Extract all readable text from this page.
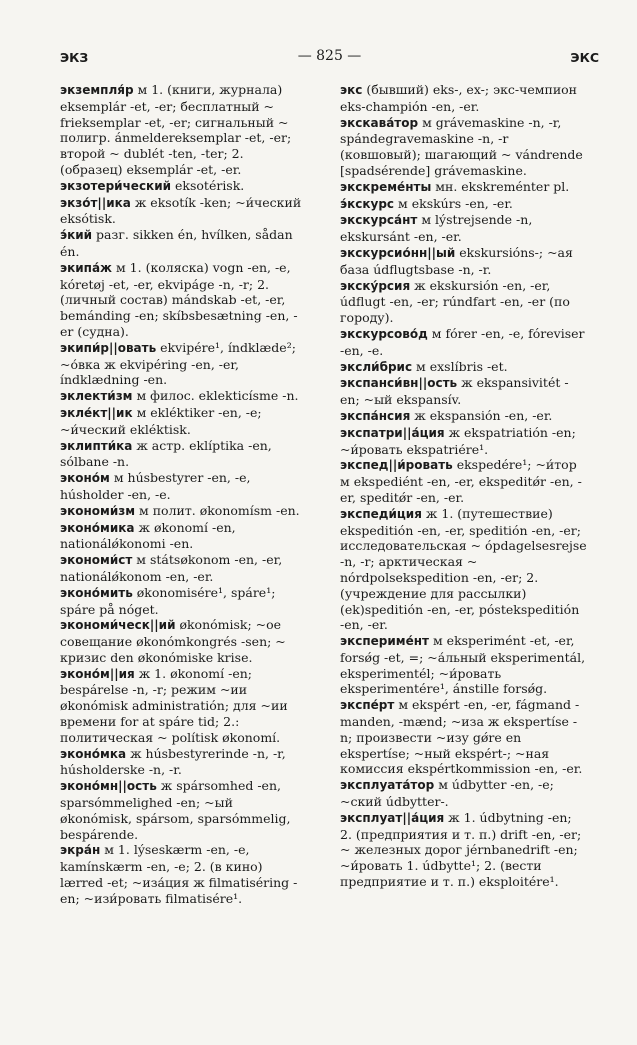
ЭКЗ	— 825 —	ЭКС

экземпля́р м 1. (книги, журнала) eksemplár -et, -er; бесплатный ~ frieksemplar -et, -er; сигнальный ~ полигр. ánmeldereksemplar -et, -er; второй ~ dublét -ten, -ter; 2. (образец) eksemplár -et, -er.

экзотери́ческий eksotérisk.

экзо́т||ика ж eksotík -ken; ~и́ческий eksótisk.

э́кий разг. sikken én, hvílken, sådan én.

экипа́ж м 1. (коляска) vogn -en, -e, kóretøj -et, -er, ekvipáge -n, -r; 2. (личный состав) mándskab -et, -er, bemánding -en; skíbsbesætning -en, -er (судна).

экипи́р||овать ekvipére¹, índklæde²; ~о́вка ж ekvipéring -en, -er, índklædning -en.

эклекти́зм м филос. eklekticísme -n.

экле́кт||ик м ekléktiker -en, -e; ~и́ческий ekléktisk.

эклипти́ка ж астр. eklíptika -en, sólbane -n.

эконо́м м húsbestyrer -en, -e, húsholder -en, -e.

экономи́зм м полит. økonomísm -en.

эконо́мика ж økonomí -en, nationálǿkonomi -en.

экономи́ст м státsøkonom -en, -er, nationálǿkonom -en, -er.

эконо́мить økonomisére¹, spáre¹; spáre på nóget.

экономи́ческ||ий økonómisk; ~ое совещание økonómkongrés -sen; ~ кризис den økonómiske krise.

эконо́м||ия ж 1. økonomí -en; bespárelse -n, -r; режим ~ии økonómisk administratión; для ~ии времени for at spáre tid; 2.: политическая ~ polítisk økonomí.

эконо́мка ж húsbestyrerinde -n, -r, húsholderske -n, -r.

эконо́мн||ость ж spársomhed -en, sparsómmelighed -en; ~ый økonómisk, spársom, sparsómmelig, bespárende.

экра́н м 1. lýseskærm -en, -e, kamínskærm -en, -e; 2. (в кино) lærred -et; ~иза́ция ж filmatiséring -en; ~изи́ровать filmatisére¹.

экс (бывший) eks-, ex-; экс-чемпион eks-champión -en, -er.

экскава́тор м grávemaskine -n, -r, spándegravemaskine -n, -r (ковшовый); шагающий ~ vándrende [spadsérende] grávemaskine.

экскреме́нты мн. ekskreménter pl.

э́кскурс м ekskúrs -en, -er.

экскурса́нт м lýstrejsende -n, ekskursánt -en, -er.

экскурсио́нн||ый ekskursións-; ~ая база údflugtsbase -n, -r.

экску́рсия ж ekskursión -en, -er, údflugt -en, -er; rúndfart -en, -er (по городу).

экскурсово́д м fórer -en, -e, fóreviser -en, -e.

эксли́брис м exslíbris -et.

экспанси́вн||ость ж ekspansivitét -en; ~ый ekspansív.

экспа́нсия ж ekspansión -en, -er.

экспатри||а́ция ж ekspatriatión -en; ~и́ровать ekspatriére¹.

экспед||и́ровать ekspedére¹; ~и́тор м ekspediént -en, -er, ekspeditǿr -en, -er, speditǿr -en, -er.

экспеди́ция ж 1. (путешествие) ekspeditión -en, -er, speditión -en, -er; исследовательская ~ ópdagelsesrejse -n, -r; арктическая ~ nórdpolsekspedition -en, -er; 2. (учреждение для рассылки) (ek)speditión -en, -er, póstekspeditión -en, -er.

экспериме́нт м eksperimént -et, -er, forsǿg -et, =; ~а́льный eksperimentál, eksperimentél; ~и́ровать eksperimentére¹, ánstille forsǿg.

экспе́рт м ekspért -en, -er, fágmand -manden, -mænd; ~иза ж ekspertíse -n; произвести ~изу gǿre en ekspertíse; ~ный ekspért-; ~ная комиссия ekspértkommission -en, -er.

эксплуата́тор м údbytter -en, -e; ~ский údbytter-.

эксплуат||а́ция ж 1. údbytning -en; 2. (предприятия и т. п.) drift -en, -er; ~ железных дорог jérnbanedrift -en; ~и́ровать 1. údbytte¹; 2. (вести предприятие и т. п.) eksploitére¹.
